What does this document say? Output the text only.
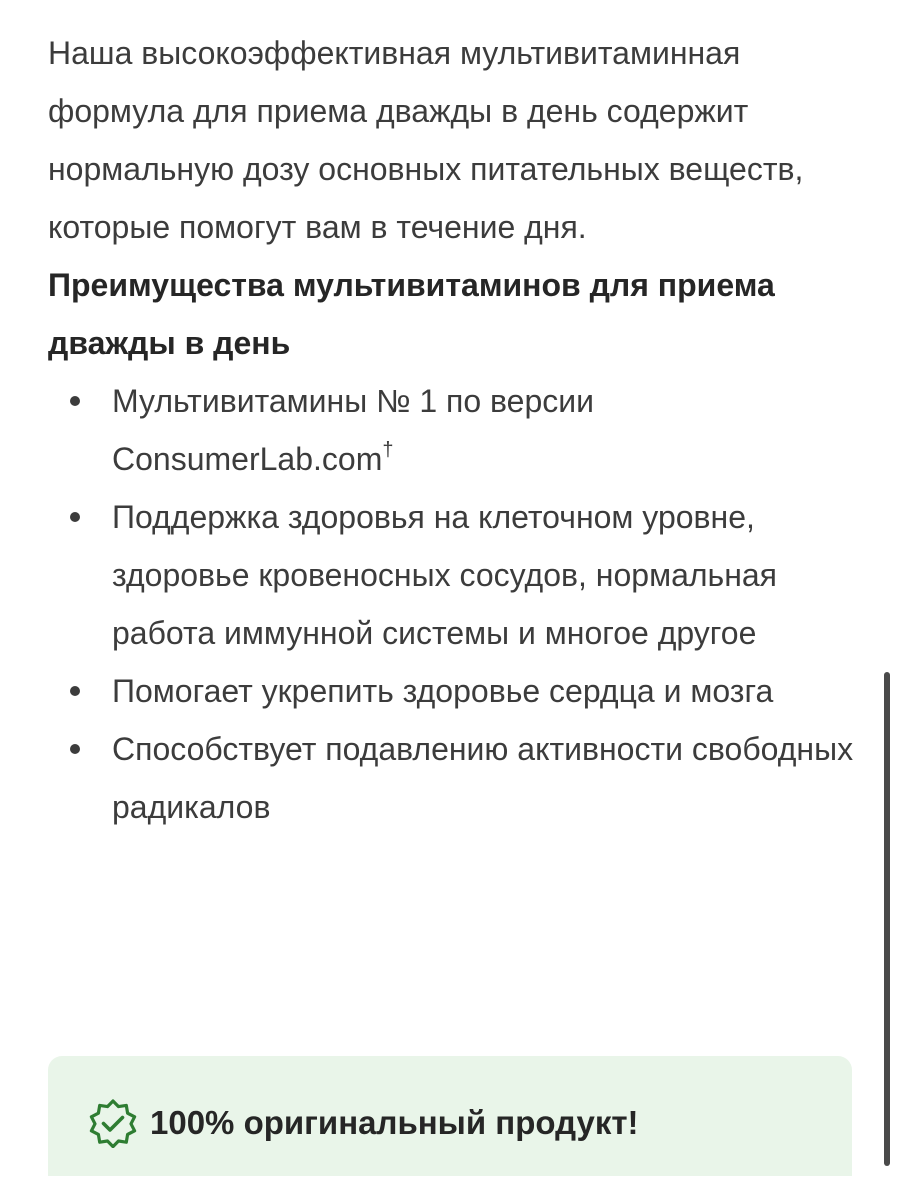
Наша высокоэффективная мультивитаминная формула для приема дважды в день содержит нормальную дозу основных питательных веществ, которые помогут вам в течение дня.

Преимущества мультивитаминов для приема дважды в день
Мультивитамины № 1 по версии ConsumerLab.com†
Поддержка здоровья на клеточном уровне, здоровье кровеносных сосудов, нормальная работа иммунной системы и многое другое
Помогает укрепить здоровье сердца и мозга
Способствует подавлению активности свободных радикалов
100% оригинальный продукт!
